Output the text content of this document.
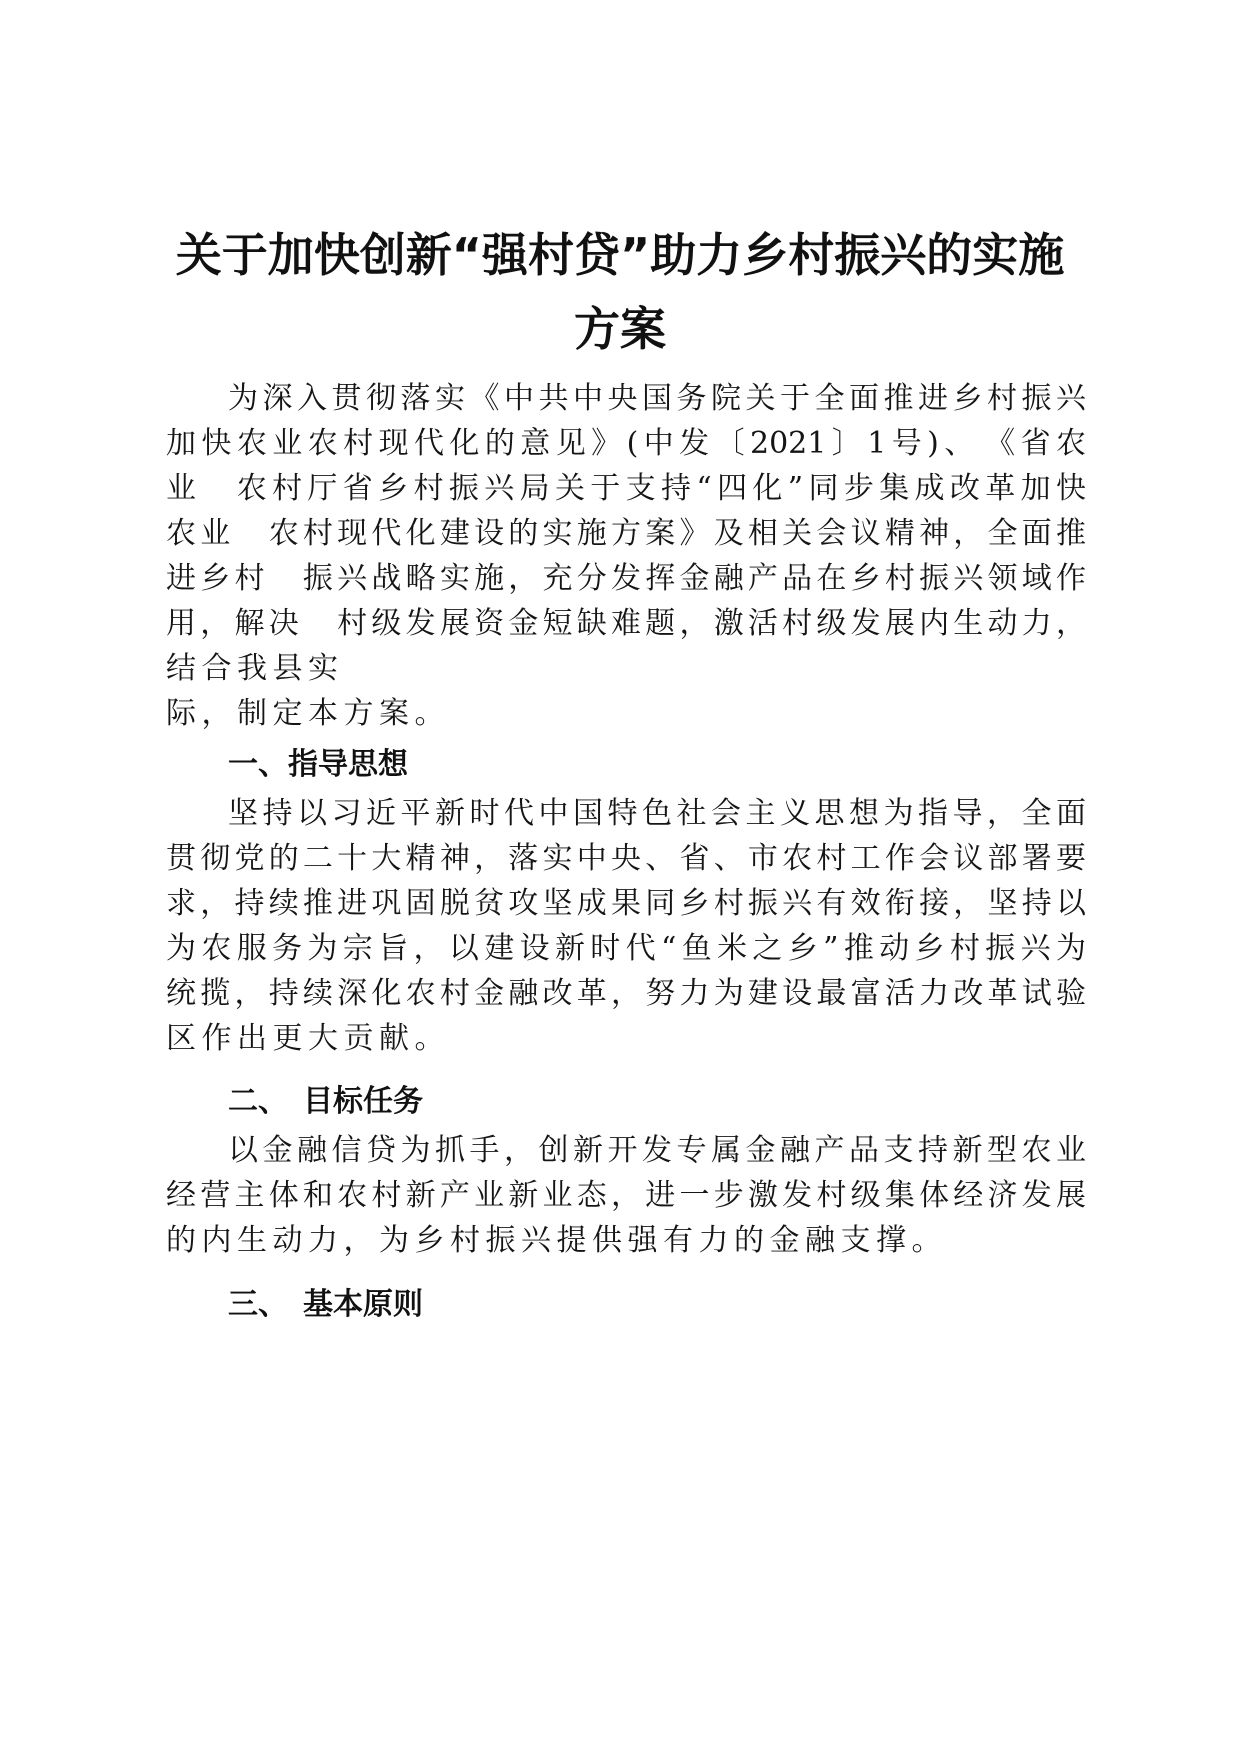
关于加快创新“强村贷”助力乡村振兴的实施
方案
为深入贯彻落实《中共中央国务院关于全面推进乡村振兴
加快农业农村现代化的意见》(中发〔2021〕1号)、　《省农
业　农村厅省乡村振兴局关于支持“四化”同步集成改革加快
农业　农村现代化建设的实施方案》及相关会议精神，全面推
进乡村　振兴战略实施，充分发挥金融产品在乡村振兴领域作
用，解决　村级发展资金短缺难题，激活村级发展内生动力，
结合我县实
际，制定本方案。
一、指导思想
坚持以习近平新时代中国特色社会主义思想为指导，全面
贯彻党的二十大精神，落实中央、省、市农村工作会议部署要
求，持续推进巩固脱贫攻坚成果同乡村振兴有效衔接，坚持以
为农服务为宗旨，以建设新时代“鱼米之乡”推动乡村振兴为
统揽，持续深化农村金融改革，努力为建设最富活力改革试验
区作出更大贡献。
二、　目标任务
以金融信贷为抓手，创新开发专属金融产品支持新型农业
经营主体和农村新产业新业态，进一步激发村级集体经济发展
的内生动力，为乡村振兴提供强有力的金融支撑。
三、　基本原则
